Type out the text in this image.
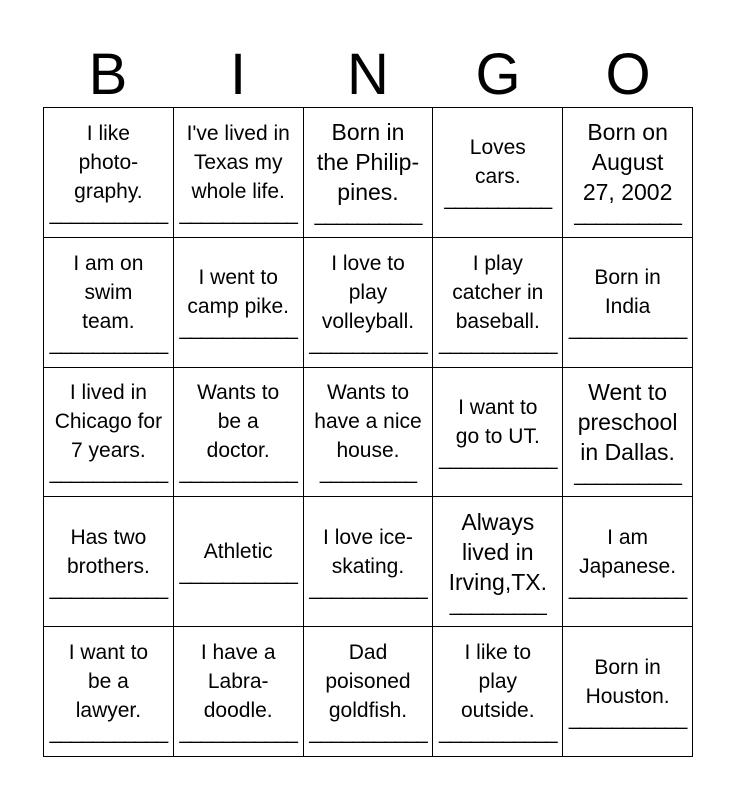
B	I	N	G	O
I like
photo-
graphy.
___________
I've lived in
Texas my
whole life.
___________
Born in
the Philip-
pines.
__________
Loves
cars.
__________
Born on
August
27, 2002
__________
I am on
swim
team.
___________
I went to
camp pike.
___________
I love to
play
volleyball.
___________
I play
catcher in
baseball.
___________
Born in
India
___________
I lived in
Chicago for
7 years.
___________
Wants to
be a
doctor.
___________
Wants to
have a nice
house.
_________
I want to
go to UT.
___________
Went to
preschool
in Dallas.
__________
Has two
brothers.
___________
Athletic
___________
I love ice-
skating.
___________
Always
lived in
Irving,TX.
_________
I am
Japanese.
___________
I want to
be a
lawyer.
___________
I have a
Labra-
doodle.
___________
Dad
poisoned
goldfish.
___________
I like to
play
outside.
___________
Born in
Houston.
___________
